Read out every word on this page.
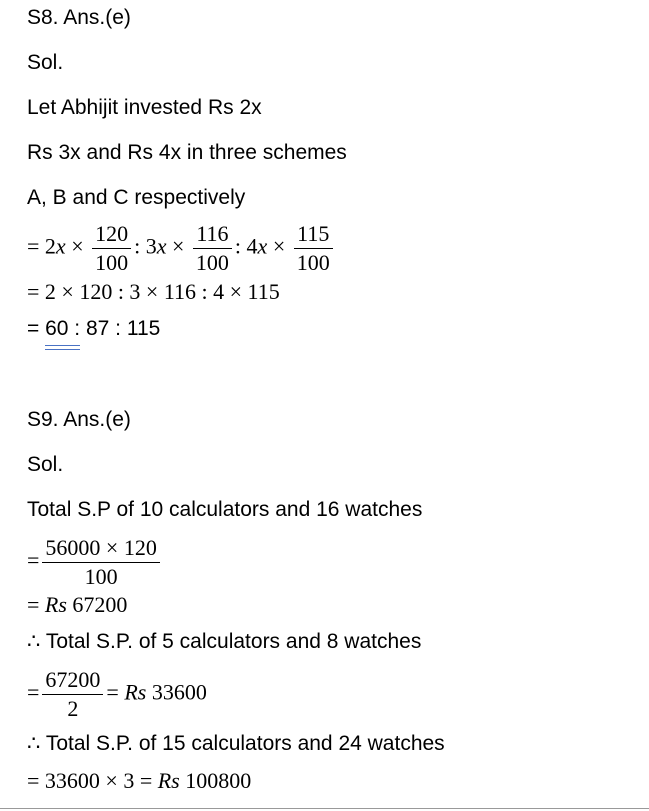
S8. Ans.(e)
Sol.
Let Abhijit invested Rs 2x
Rs 3x and Rs 4x in three schemes
A, B and C respectively
= $2x \times \frac{120}{100}$ : $3x \times \frac{116}{100}$ : $4x \times \frac{115}{100}$
= 2 × 120 : 3 × 116 : 4 × 115
= 60 : 87 : 115
S9. Ans.(e)
Sol.
Total S.P of 10 calculators and 16 watches
= $\frac{56000 \times 120}{100}$
= Rs 67200
∴ Total S.P. of 5 calculators and 8 watches
= $\frac{67200}{2} = Rs$ 33600
∴ Total S.P. of 15 calculators and 24 watches
= 33600 × 3 = Rs 100800
